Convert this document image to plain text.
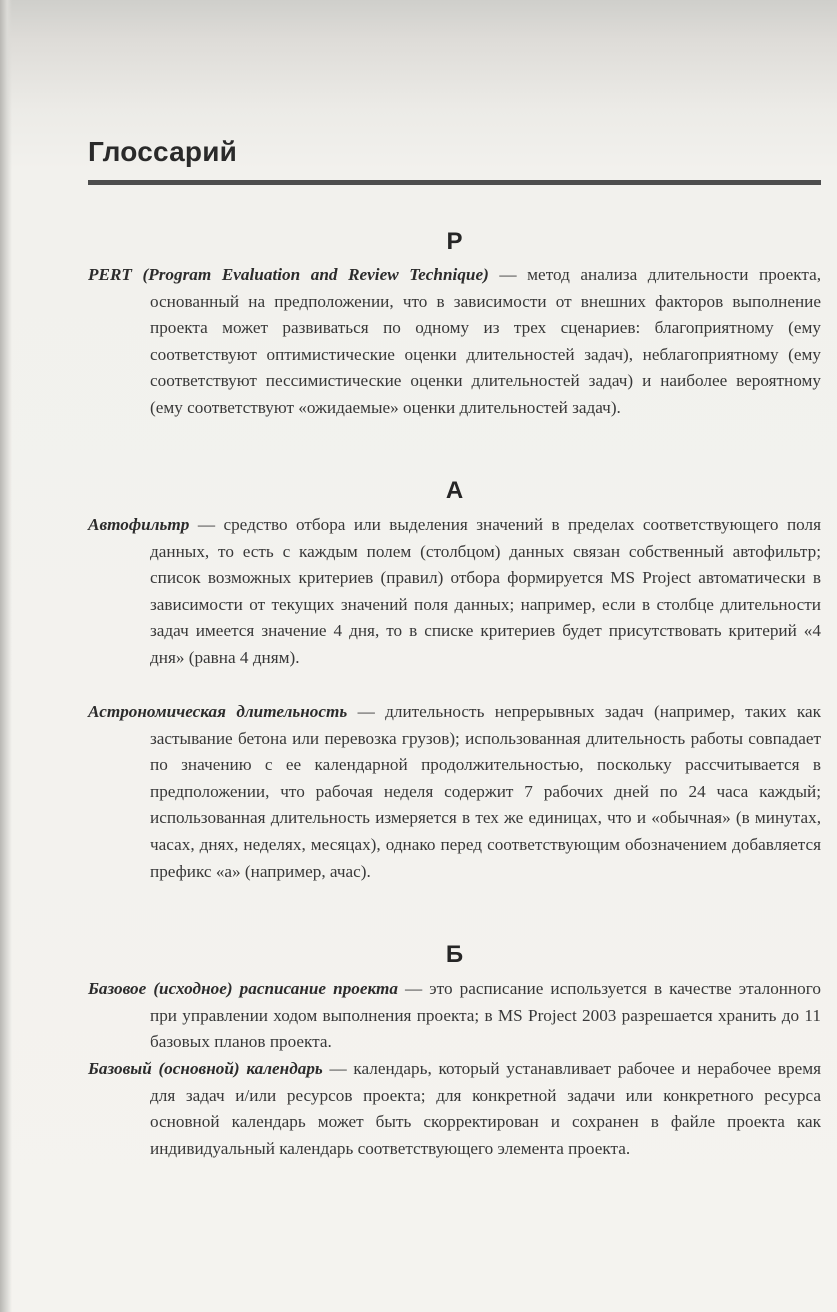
Глоссарий
P
PERT (Program Evaluation and Review Technique) — метод анализа длительности проекта, основанный на предположении, что в зависимости от внешних факторов выполнение проекта может развиваться по одному из трех сценариев: благоприятному (ему соответствуют оптимистические оценки длительностей задач), неблагоприятному (ему соответствуют пессимистические оценки длительностей задач) и наиболее вероятному (ему соответствуют «ожидаемые» оценки длительностей задач).
А
Автофильтр — средство отбора или выделения значений в пределах соответствующего поля данных, то есть с каждым полем (столбцом) данных связан собственный автофильтр; список возможных критериев (правил) отбора формируется MS Project автоматически в зависимости от текущих значений поля данных; например, если в столбце длительности задач имеется значение 4 дня, то в списке критериев будет присутствовать критерий «4 дня» (равна 4 дням).
Астрономическая длительность — длительность непрерывных задач (например, таких как застывание бетона или перевозка грузов); использованная длительность работы совпадает по значению с ее календарной продолжительностью, поскольку рассчитывается в предположении, что рабочая неделя содержит 7 рабочих дней по 24 часа каждый; использованная длительность измеряется в тех же единицах, что и «обычная» (в минутах, часах, днях, неделях, месяцах), однако перед соответствующим обозначением добавляется префикс «а» (например, ачас).
Б
Базовое (исходное) расписание проекта — это расписание используется в качестве эталонного при управлении ходом выполнения проекта; в MS Project 2003 разрешается хранить до 11 базовых планов проекта.
Базовый (основной) календарь — календарь, который устанавливает рабочее и нерабочее время для задач и/или ресурсов проекта; для конкретной задачи или конкретного ресурса основной календарь может быть скорректирован и сохранен в файле проекта как индивидуальный календарь соответствующего элемента проекта.
